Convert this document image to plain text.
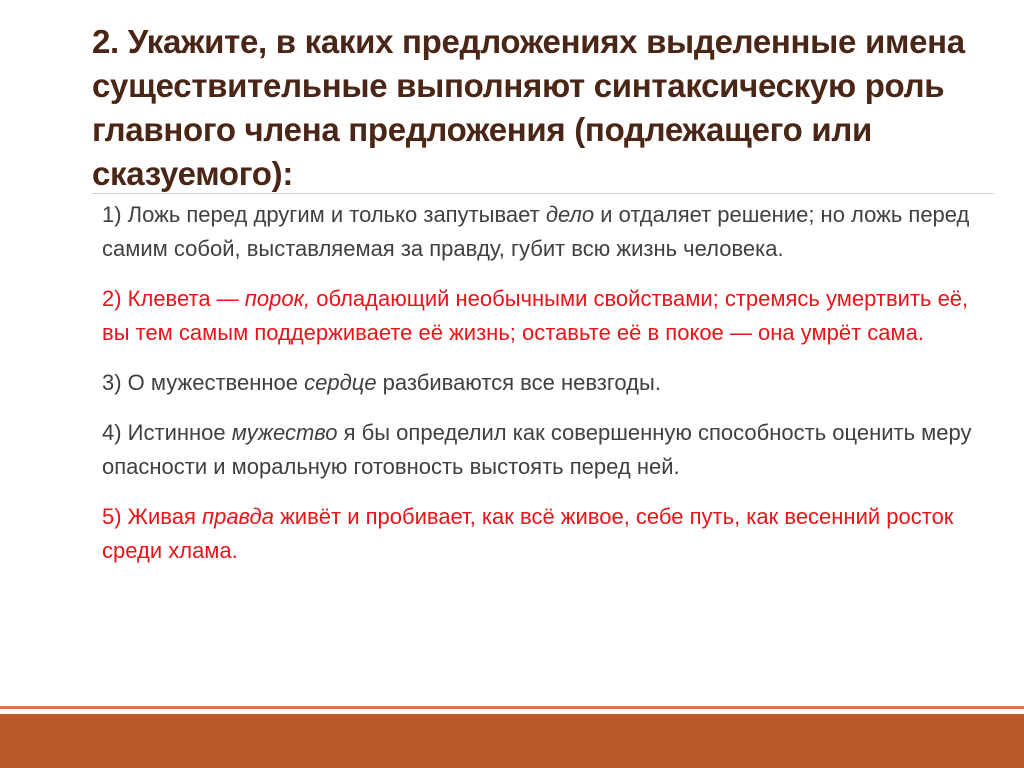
2. Укажите, в каких предложениях выделенные имена существительные выполняют синтаксическую роль главного члена предложения (подлежащего или сказуемого):

1) Ложь перед другим и только запутывает дело и отдаляет решение; но ложь перед самим собой, выставляемая за правду, губит всю жизнь человека.

2) Клевета — порок, обладающий необычными свойствами; стремясь умертвить её, вы тем самым поддерживаете её жизнь; оставьте её в покое — она умрёт сама.

3) О мужественное сердце разбиваются все невзгоды.

4) Истинное мужество я бы определил как совершенную способность оценить меру опасности и моральную готовность выстоять перед ней.

5) Живая правда живёт и пробивает, как всё живое, себе путь, как весенний росток среди хлама.
